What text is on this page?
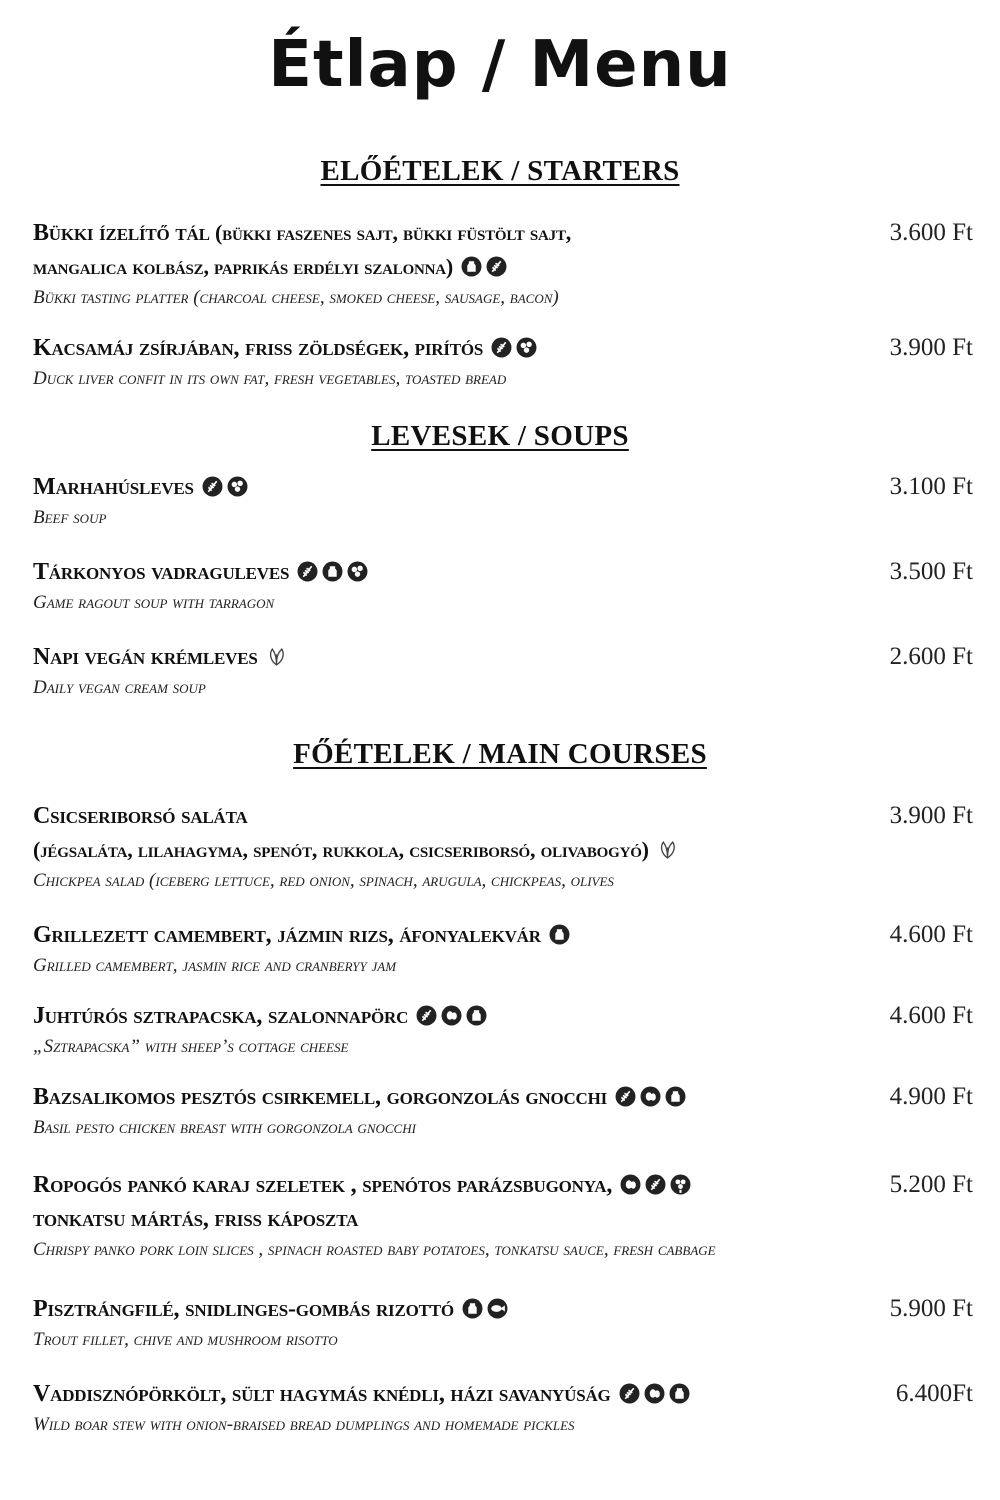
Étlap / Menu
ELŐÉTELEK / STARTERS
LEVESEK / SOUPS
FŐÉTELEK / MAIN COURSES
Bükki ízelítő tál (bükki faszenes sajt, bükki füstölt sajt,
mangalica kolbász, paprikás erdélyi szalonna)
Bükki tasting platter (charcoal cheese, smoked cheese, sausage, bacon)
3.600 Ft
Kacsamáj zsírjában, friss zöldségek, pirítós
Duck liver confit in its own fat, fresh vegetables, toasted bread
3.900 Ft
Marhahúsleves
Beef soup
3.100 Ft
Tárkonyos vadraguleves
Game ragout soup with tarragon
3.500 Ft
Napi vegán krémleves
Daily vegan cream soup
2.600 Ft
Csicseriborsó saláta
(jégsaláta, lilahagyma, spenót, rukkola, csicseriborsó, olivabogyó)
Chickpea salad (iceberg lettuce, red onion, spinach, arugula, chickpeas, olives
3.900 Ft
Grillezett camembert, jázmin rizs, áfonyalekvár
Grilled camembert, jasmin rice and cranberyy jam
4.600 Ft
Juhtúrós sztrapacska, szalonnapörc
„Sztrapacska” with sheep’s cottage cheese
4.600 Ft
Bazsalikomos pesztós csirkemell, gorgonzolás gnocchi
Basil pesto chicken breast with gorgonzola gnocchi
4.900 Ft
Ropogós pankó karaj szeletek , spenótos parázsbugonya,
tonkatsu mártás, friss káposzta
Chrispy panko pork loin slices , spinach roasted baby potatoes, tonkatsu sauce, fresh cabbage
5.200 Ft
Pisztrángfilé, snidlinges-gombás rizottó
Trout fillet, chive and mushroom risotto
5.900 Ft
Vaddisznópörkölt, sült hagymás knédli, házi savanyúság
Wild boar stew with onion-braised bread dumplings and homemade pickles
6.400Ft
